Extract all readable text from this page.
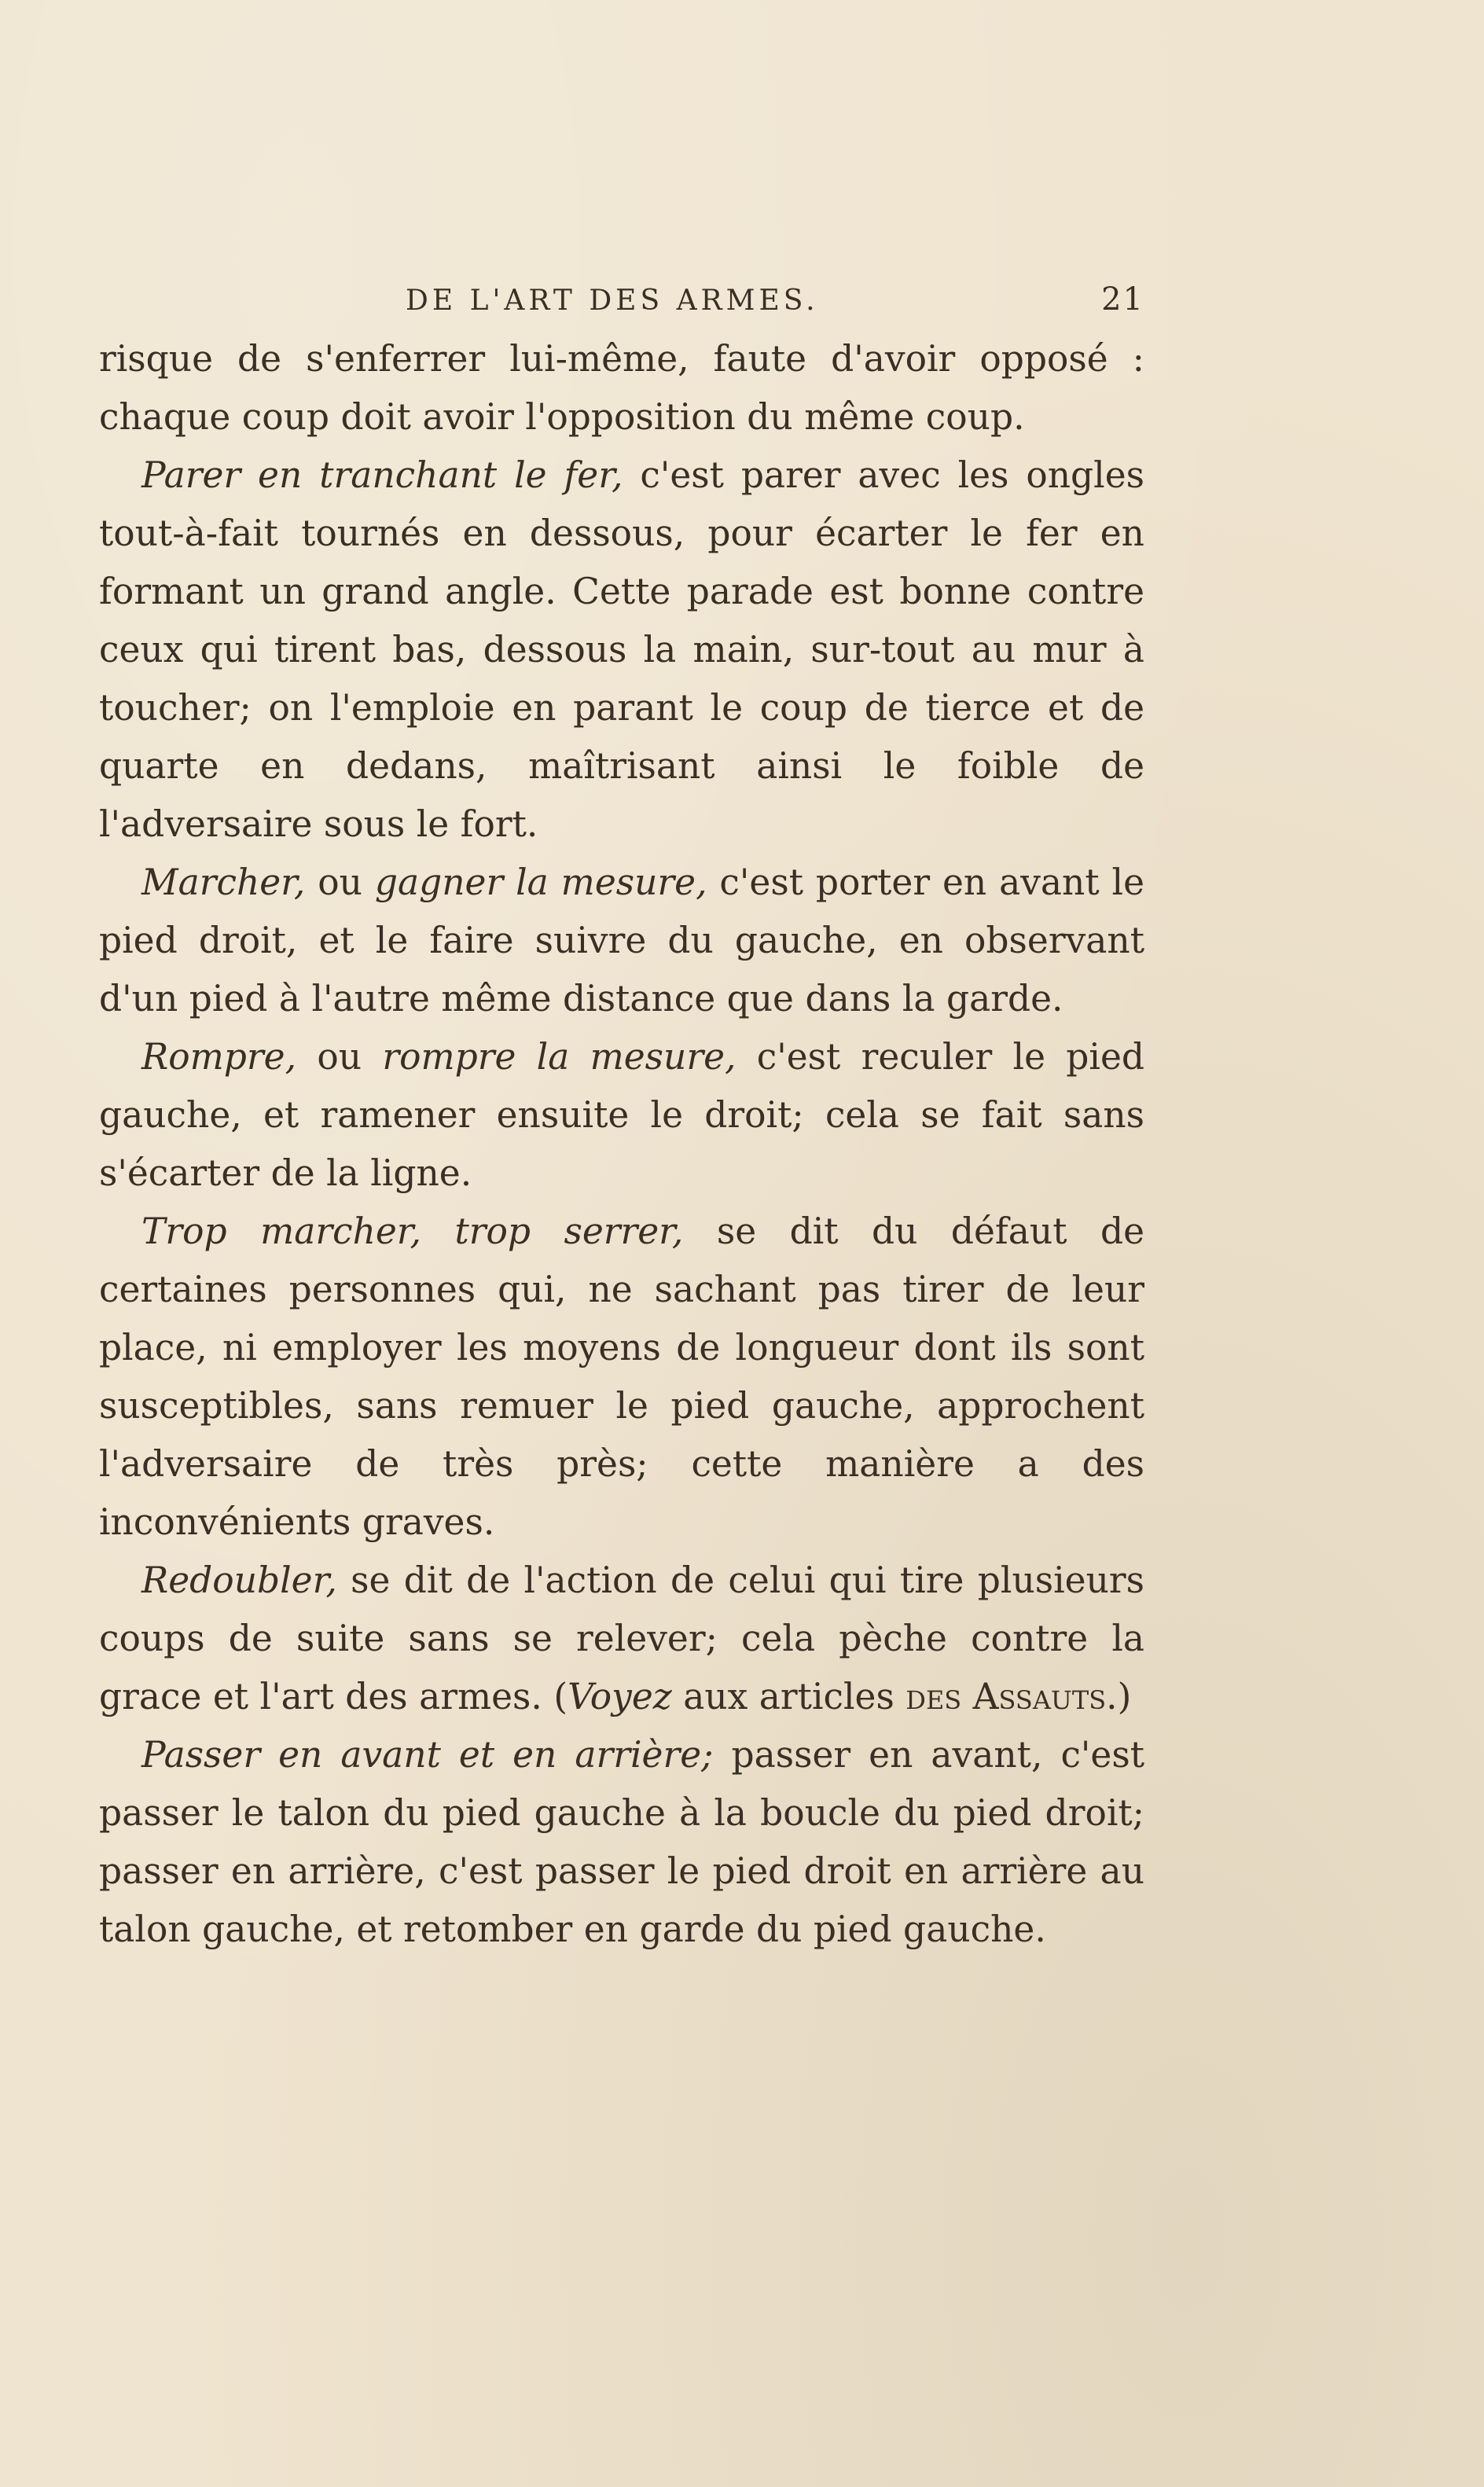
DE L'ART DES ARMES.	21

risque de s'enferrer lui-même, faute d'avoir opposé : chaque coup doit avoir l'opposition du même coup.

Parer en tranchant le fer, c'est parer avec les ongles tout-à-fait tournés en dessous, pour écarter le fer en formant un grand angle. Cette parade est bonne contre ceux qui tirent bas, dessous la main, sur-tout au mur à toucher; on l'emploie en parant le coup de tierce et de quarte en dedans, maîtrisant ainsi le foible de l'adversaire sous le fort.

Marcher, ou gagner la mesure, c'est porter en avant le pied droit, et le faire suivre du gauche, en observant d'un pied à l'autre même distance que dans la garde.

Rompre, ou rompre la mesure, c'est reculer le pied gauche, et ramener ensuite le droit; cela se fait sans s'écarter de la ligne.

Trop marcher, trop serrer, se dit du défaut de certaines personnes qui, ne sachant pas tirer de leur place, ni employer les moyens de longueur dont ils sont susceptibles, sans remuer le pied gauche, approchent l'adversaire de très près; cette manière a des inconvénients graves.

Redoubler, se dit de l'action de celui qui tire plusieurs coups de suite sans se relever; cela pèche contre la grace et l'art des armes. (Voyez aux articles des Assauts.)

Passer en avant et en arrière; passer en avant, c'est passer le talon du pied gauche à la boucle du pied droit; passer en arrière, c'est passer le pied droit en arrière au talon gauche, et retomber en garde du pied gauche.
